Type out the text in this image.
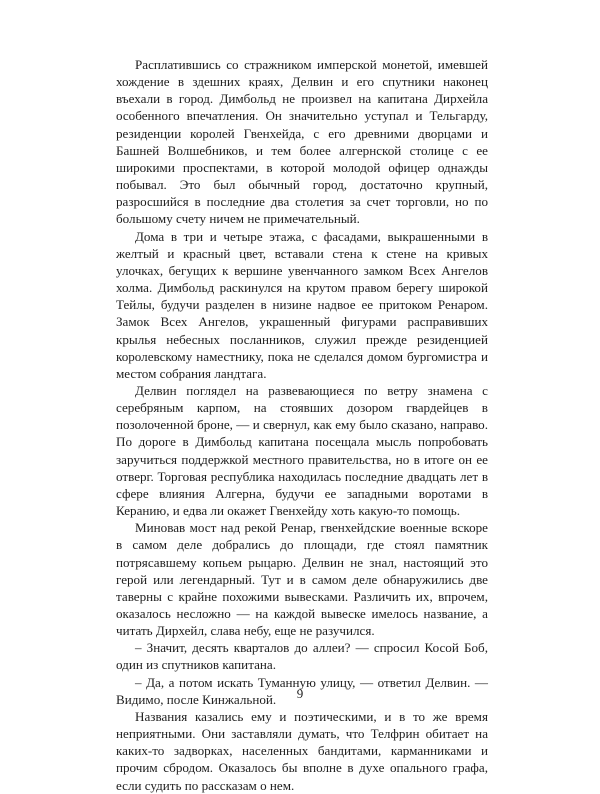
Расплатившись со стражником имперской монетой, имевшей хождение в здешних краях, Делвин и его спутники наконец въехали в город. Димбольд не произвел на капитана Дирхейла особенного впечатления. Он значительно уступал и Тельгарду, резиденции королей Гвенхейда, с его древними дворцами и Башней Волшебников, и тем более алгернской столице с ее широкими проспектами, в которой молодой офицер однажды побывал. Это был обычный город, достаточно крупный, разросшийся в последние два столетия за счет торговли, но по большому счету ничем не примечательный.

Дома в три и четыре этажа, с фасадами, выкрашенными в желтый и красный цвет, вставали стена к стене на кривых улочках, бегущих к вершине увенчанного замком Всех Ангелов холма. Димбольд раскинулся на крутом правом берегу широкой Тейлы, будучи разделен в низине надвое ее притоком Ренаром. Замок Всех Ангелов, украшенный фигурами расправивших крылья небесных посланников, служил прежде резиденцией королевскому наместнику, пока не сделался домом бургомистра и местом собрания ландтага.

Делвин поглядел на развевающиеся по ветру знамена с серебряным карпом, на стоявших дозором гвардейцев в позолоченной броне, — и свернул, как ему было сказано, направо. По дороге в Димбольд капитана посещала мысль попробовать заручиться поддержкой местного правительства, но в итоге он ее отверг. Торговая республика находилась последние двадцать лет в сфере влияния Алгерна, будучи ее западными воротами в Керанию, и едва ли окажет Гвенхейду хоть какую-то помощь.

Миновав мост над рекой Ренар, гвенхейдские военные вскоре в самом деле добрались до площади, где стоял памятник потрясавшему копьем рыцарю. Делвин не знал, настоящий это герой или легендарный. Тут и в самом деле обнаружились две таверны с крайне похожими вывесками. Различить их, впрочем, оказалось несложно — на каждой вывеске имелось название, а читать Дирхейл, слава небу, еще не разучился.

– Значит, десять кварталов до аллеи? — спросил Косой Боб, один из спутников капитана.

– Да, а потом искать Туманную улицу, — ответил Делвин. — Видимо, после Кинжальной.

Названия казались ему и поэтическими, и в то же время неприятными. Они заставляли думать, что Телфрин обитает на каких-то задворках, населенных бандитами, карманниками и прочим сбродом. Оказалось бы вполне в духе опального графа, если судить по рассказам о нем.

9
